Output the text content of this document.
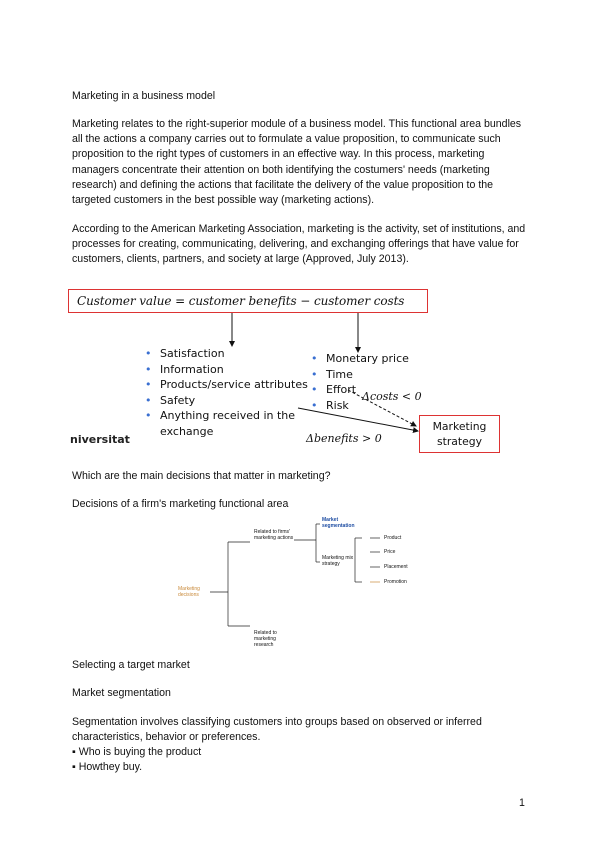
Marketing in a business model
Marketing relates to the right-superior module of a business model. This functional area bundles all the actions a company carries out to formulate a value proposition, to communicate such proposition to the right types of customers in an effective way. In this process, marketing managers concentrate their attention on both identifying the costumers' needs (marketing research) and defining the actions that facilitate the delivery of the value proposition to the targeted customers in the best possible way (marketing actions).
According to the American Marketing Association, marketing is the activity, set of institutions, and processes for creating, communicating, delivering, and exchanging offerings that have value for customers, clients, partners, and society at large (Approved, July 2013).
Customer value = customer benefits − customer costs
• Satisfaction
• Information
• Products/service attributes
• Safety
• Anything received in the
exchange
• Monetary price
• Time
• Effort
• Risk
Δcosts < 0
Δbenefits > 0
Marketing strategy
niversitat
Which are the main decisions that matter in marketing?
Decisions of a firm's marketing functional area
Marketing decisions
Related to firms' marketing actions
Related to marketing research
Market segmentation
Marketing mix strategy
Product
Price
Placement
Promotion
Selecting a target market
Market segmentation
Segmentation involves classifying customers into groups based on observed or inferred characteristics, behavior or preferences.
▪ Who is buying the product
▪ Howthey buy.
1
